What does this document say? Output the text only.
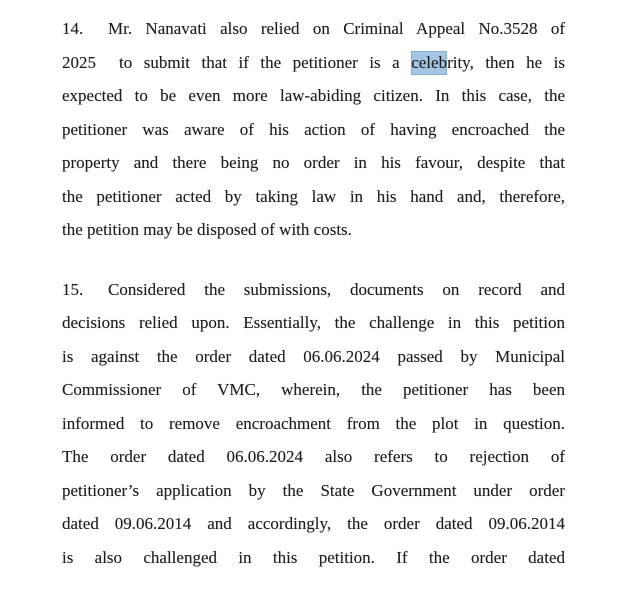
14. Mr. Nanavati also relied on Criminal Appeal No.3528 of
2025  to submit that if the petitioner is a celebrity, then he is
expected to be even more law-abiding citizen. In this case, the
petitioner was aware of his action of having encroached the
property and there being no order in his favour, despite that
the petitioner acted by taking law in his hand and, therefore,
the petition may be disposed of with costs.
15. Considered the submissions, documents on record and
decisions relied upon. Essentially, the challenge in this petition
is against the order dated 06.06.2024 passed by Municipal
Commissioner of VMC, wherein, the petitioner has been
informed to remove encroachment from the plot in question.
The order dated 06.06.2024 also refers to rejection of
petitioner’s application by the State Government under order
dated 09.06.2014 and accordingly, the order dated 09.06.2014
is also challenged in this petition. If the order dated
